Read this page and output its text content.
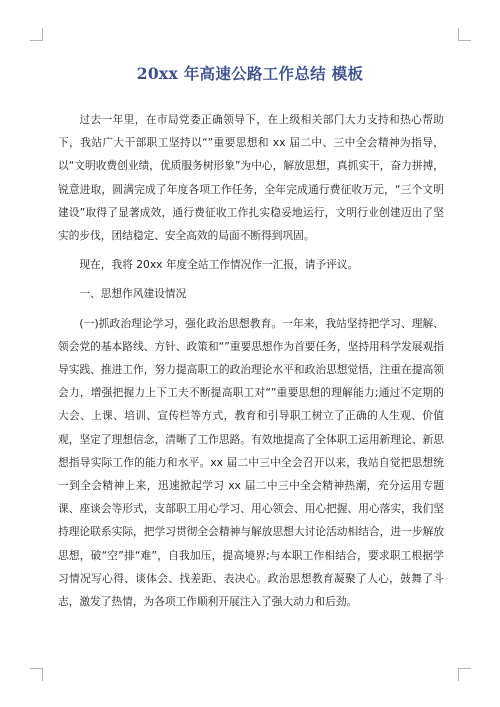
20xx 年高速公路工作总结 模板

过去一年里，在市局党委正确领导下，在上级相关部门大力支持和热心帮助下，我站广大干部职工坚持以“”重要思想和 xx 届二中、三中全会精神为指导，以“文明收费创业绩，优质服务树形象”为中心，解放思想，真抓实干，奋力拼搏，锐意进取，圆满完成了年度各项工作任务，全年完成通行费征收万元，“三个文明建设”取得了显著成效，通行费征收工作扎实稳妥地运行，文明行业创建迈出了坚实的步伐，团结稳定、安全高效的局面不断得到巩固。

现在，我将 20xx 年度全站工作情况作一汇报，请予评议。

一、思想作风建设情况

(一)抓政治理论学习，强化政治思想教育。一年来，我站坚持把学习、理解、领会党的基本路线、方针、政策和“”重要思想作为首要任务，坚持用科学发展观指导实践、推进工作，努力提高职工的政治理论水平和政治思想觉悟，注重在提高领会力，增强把握力上下工夫不断提高职工对“”重要思想的理解能力;通过不定期的大会、上课、培训、宣传栏等方式，教育和引导职工树立了正确的人生观、价值观，坚定了理想信念，清晰了工作思路。有效地提高了全体职工运用新理论、新思想指导实际工作的能力和水平。xx 届二中三中全会召开以来，我站自觉把思想统一到全会精神上来，迅速掀起学习 xx 届二中三中全会精神热潮，充分运用专题课、座谈会等形式，支部职工用心学习、用心领会、用心把握、用心落实，我们坚持理论联系实际，把学习贯彻全会精神与解放思想大讨论活动相结合，进一步解放思想，破“空”排“难”，自我加压，提高境界;与本职工作相结合，要求职工根据学习情况写心得、谈体会、找差距、表决心。政治思想教育凝聚了人心，鼓舞了斗志，激发了热情，为各项工作顺利开展注入了强大动力和后劲。
